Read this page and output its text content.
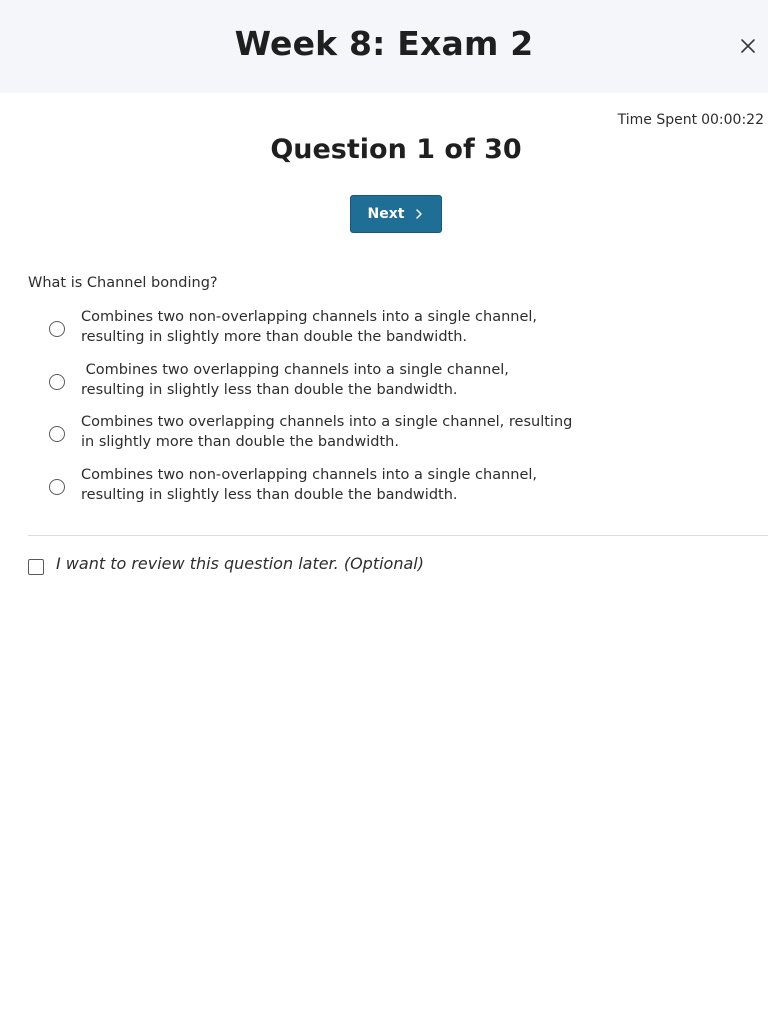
Week 8: Exam 2
Time Spent 00:00:22
Question 1 of 30
Next
What is Channel bonding?
Combines two non-overlapping channels into a single channel, resulting in slightly more than double the bandwidth.
Combines two overlapping channels into a single channel, resulting in slightly less than double the bandwidth.
Combines two overlapping channels into a single channel, resulting in slightly more than double the bandwidth.
Combines two non-overlapping channels into a single channel, resulting in slightly less than double the bandwidth.
I want to review this question later. (Optional)
